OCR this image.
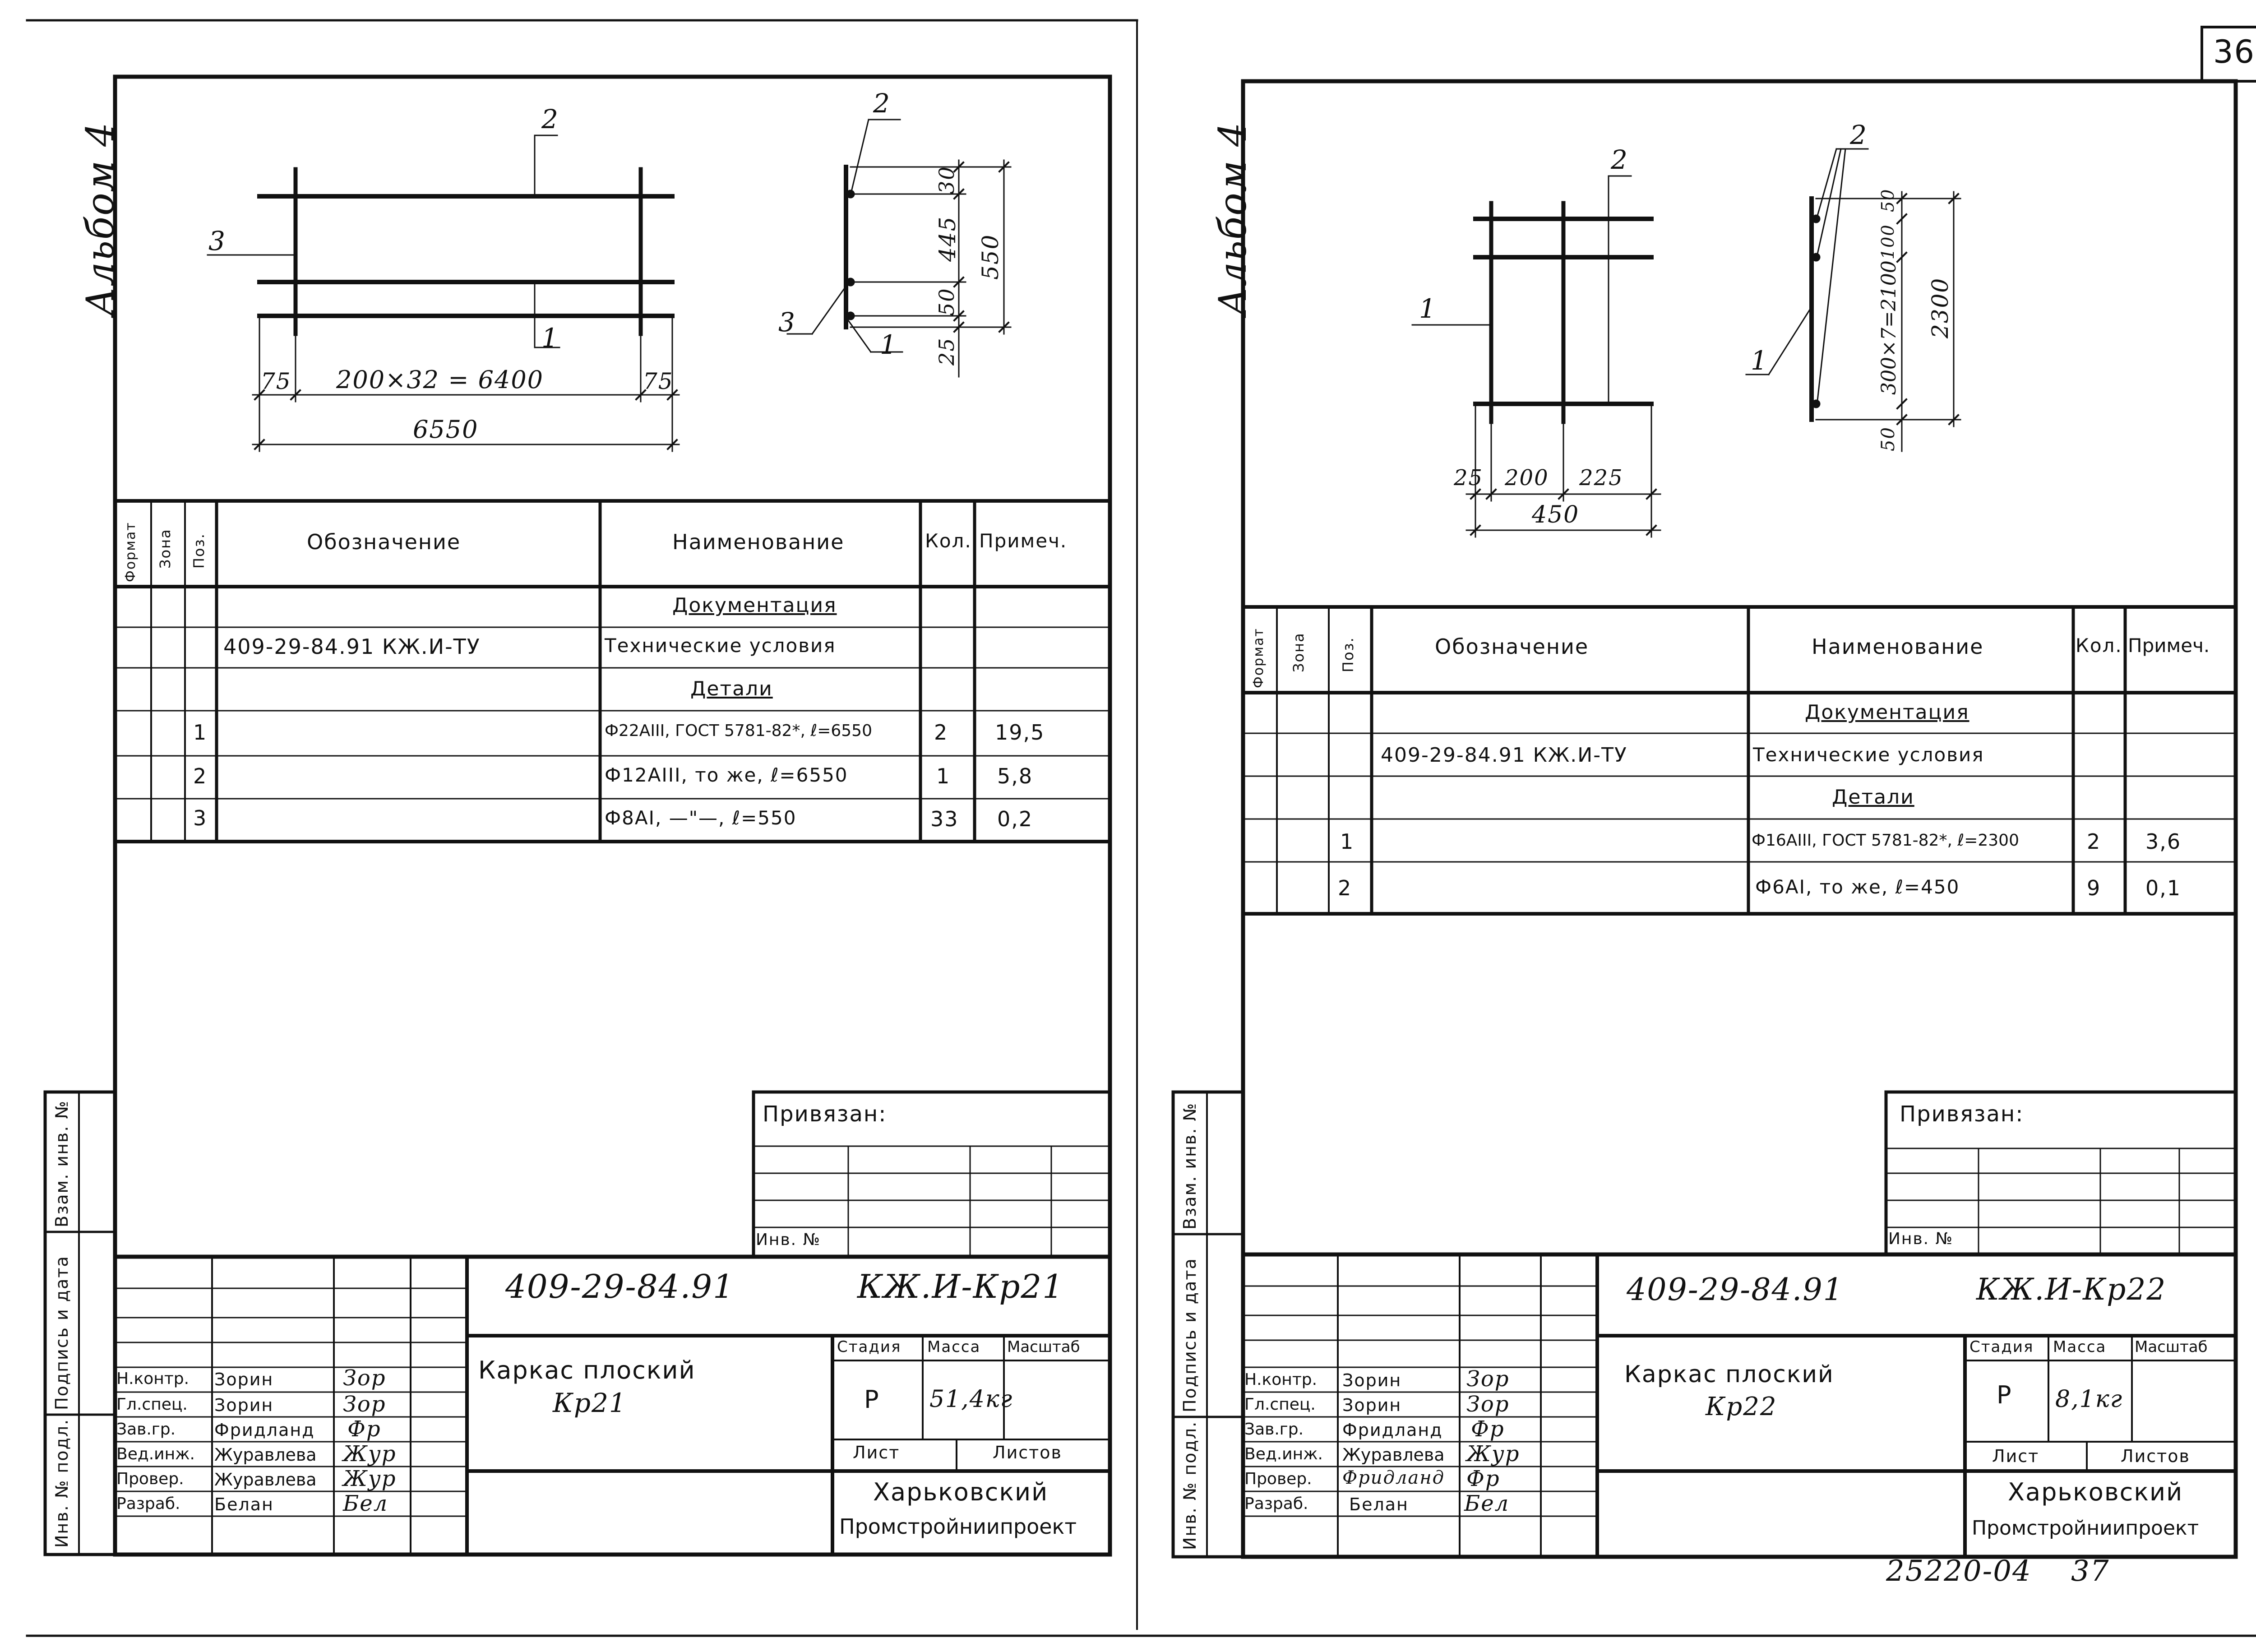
36
25220-04 37
Альбом 4
2
3
1
75 200×32 = 6400	75
6550
2
3
1
30
445
50
25
550
Формат Зона Поз.	Обозначение	Наименование	Кол. Примеч.
Документация
409-29-84.91 КЖ.И-ТУ	Технические условия
Детали
1	Ф22АIII, ГОСТ 5781-82*, ℓ=6550	2 19,5
2	Ф12АIII, то же, ℓ=6550	1 5,8
3	Ф8АI, —"—, ℓ=550	33 0,2
Инв. № подл.
Подпись и дата
Взам. инв. №	Привязан:
Инв. №
409-29-84.91	КЖ.И-Кр21
Каркас плоский
Кр21
Стадия Масса Масштаб
Р 51,4кг
Лист	Листов
Харьковский
Промстройниипроект
Н.контр. Зорин	Зор
Гл.спец. Зорин	Зор
Зав.гр. Фридланд Фр
Вед.инж. Журавлева Жур
Провер. Журавлева Жур
Разраб. Белан	Бел
Альбом 4	2
1
25 200 225
450
2
1
100
50
300×7=2100
50
2300
Формат Зона Поз.	Обозначение	Наименование	Кол. Примеч.
Документация
409-29-84.91 КЖ.И-ТУ	Технические условия
Детали
1	Ф16АIII, ГОСТ 5781-82*, ℓ=2300	2 3,6
2	Ф6АI, то же, ℓ=450	9 0,1
Инв. № подл.
Подпись и дата
Взам. инв. №	Привязан:
Инв. №
409-29-84.91	КЖ.И-Кр22
Каркас плоский
Кр22
Стадия Масса Масштаб
Р 8,1кг
Лист	Листов
Харьковский
Промстройниипроект
Н.контр. Зорин	Зор
Гл.спец. Зорин	Зор
Зав.гр. Фридланд Фр
Вед.инж. Журавлева Жур
Провер. Фридланд Фр
Разраб. Белан	Бел
